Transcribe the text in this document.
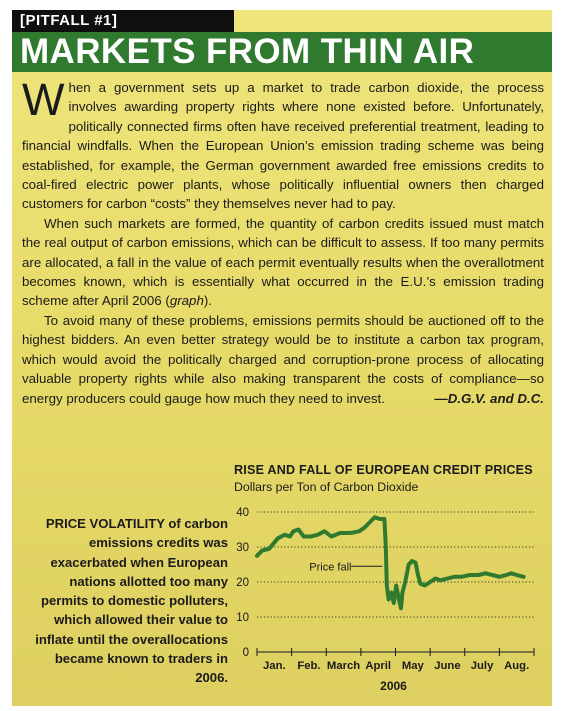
[PITFALL #1]
MARKETS FROM THIN AIR

When a government sets up a market to trade carbon dioxide, the process involves awarding property rights where none existed before. Unfortunately, politically connected firms often have received preferential treatment, leading to financial windfalls. When the European Union’s emission trading scheme was being established, for example, the German government awarded free emissions credits to coal-fired electric power plants, whose politically influential owners then charged customers for carbon “costs” they themselves never had to pay.

When such markets are formed, the quantity of carbon credits issued must match the real output of carbon emissions, which can be difficult to assess. If too many permits are allocated, a fall in the value of each permit eventually results when the overallotment becomes known, which is essentially what occurred in the E.U.’s emission trading scheme after April 2006 (graph).

To avoid many of these problems, emissions permits should be auctioned off to the highest bidders. An even better strategy would be to institute a carbon tax program, which would avoid the politically charged and corruption-prone process of allocating valuable property rights while also making transparent the costs of compliance—so energy producers could gauge how much they need to invest.	—D.G.V. and D.C.

PRICE VOLATILITY of carbon emissions credits was exacerbated when European nations allotted too many permits to domestic polluters, which allowed their value to inflate until the overallocations became known to traders in 2006.
RISE AND FALL OF EUROPEAN CREDIT PRICES
Dollars per Ton of Carbon Dioxide
0
10
20
30
40
Jan. Feb. March April May June July Aug.
2006
Price fall
